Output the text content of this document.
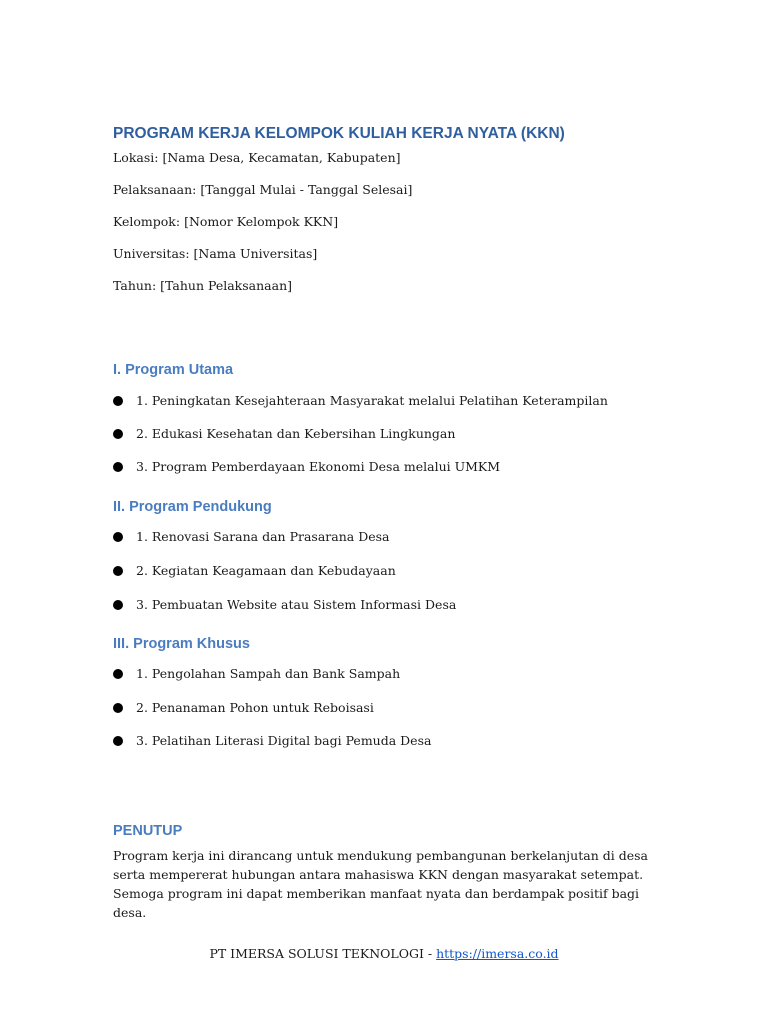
PROGRAM KERJA KELOMPOK KULIAH KERJA NYATA (KKN)

Lokasi: [Nama Desa, Kecamatan, Kabupaten]

Pelaksanaan: [Tanggal Mulai - Tanggal Selesai]

Kelompok: [Nomor Kelompok KKN]

Universitas: [Nama Universitas]

Tahun: [Tahun Pelaksanaan]

I. Program Utama
1. Peningkatan Kesejahteraan Masyarakat melalui Pelatihan Keterampilan
2. Edukasi Kesehatan dan Kebersihan Lingkungan
3. Program Pemberdayaan Ekonomi Desa melalui UMKM
II. Program Pendukung
1. Renovasi Sarana dan Prasarana Desa
2. Kegiatan Keagamaan dan Kebudayaan
3. Pembuatan Website atau Sistem Informasi Desa
III. Program Khusus
1. Pengolahan Sampah dan Bank Sampah
2. Penanaman Pohon untuk Reboisasi
3. Pelatihan Literasi Digital bagi Pemuda Desa
PENUTUP

Program kerja ini dirancang untuk mendukung pembangunan berkelanjutan di desa serta mempererat hubungan antara mahasiswa KKN dengan masyarakat setempat. Semoga program ini dapat memberikan manfaat nyata dan berdampak positif bagi desa.

PT IMERSA SOLUSI TEKNOLOGI - https://imersa.co.id
